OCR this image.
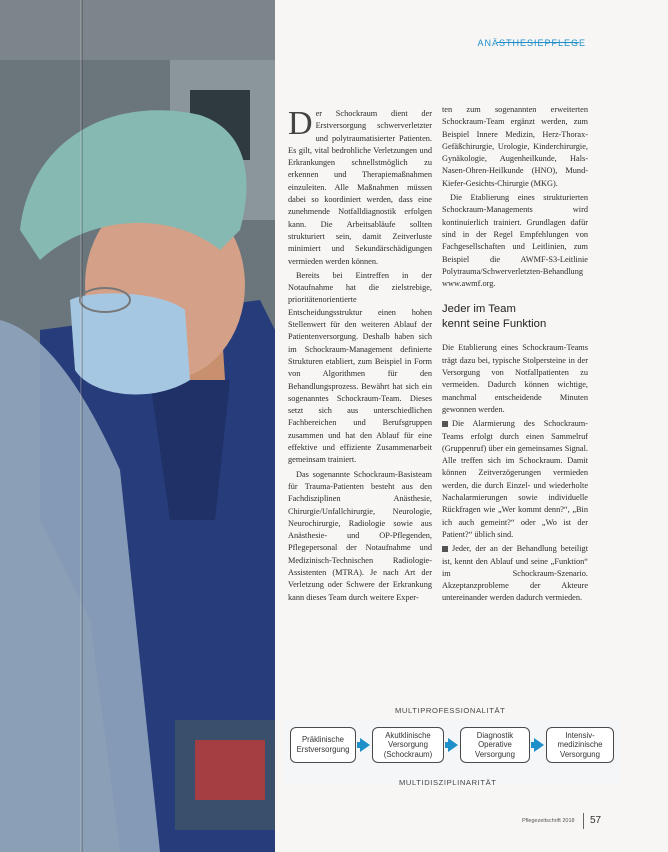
ANÄSTHESIEPFLEGE

D er Schockraum dient der Erstversorgung schwerverletzter und polytraumatisierter Patienten. Es gilt, vital bedrohliche Verletzungen und Erkrankungen schnellstmöglich zu erkennen und Therapiemaßnahmen einzuleiten. Alle Maßnahmen müssen dabei so koordiniert werden, dass eine zunehmende Notfalldiagnostik erfolgen kann. Die Arbeitsabläufe sollten strukturiert sein, damit Zeitverluste minimiert und Sekundärschädigungen vermieden werden können.

Bereits bei Eintreffen in der Notaufnahme hat die zielstrebige, prioritätenorientierte Entscheidungsstruktur einen hohen Stellenwert für den weiteren Ablauf der Patientenversorgung. Deshalb haben sich im Schockraum-Management definierte Strukturen etabliert, zum Beispiel in Form von Algorithmen für den Behandlungsprozess. Bewährt hat sich ein sogenanntes Schockraum-Team. Dieses setzt sich aus unterschiedlichen Fachbereichen und Berufsgruppen zusammen und hat den Ablauf für eine effektive und effiziente Zusammenarbeit gemeinsam trainiert.

Das sogenannte Schockraum-Basisteam für Trauma-Patienten besteht aus den Fachdisziplinen Anästhesie, Chirurgie/Unfallchirurgie, Neurologie, Neurochirurgie, Radiologie sowie aus Anästhesie- und OP-Pflegenden, Pflegepersonal der Notaufnahme und Medizinisch-Technischen Radiologie-Assistenten (MTRA). Je nach Art der Verletzung oder Schwere der Erkrankung kann dieses Team durch weitere Exper-

ten zum sogenannten erweiterten Schockraum-Team ergänzt werden, zum Beispiel Innere Medizin, Herz-Thorax-Gefäßchirurgie, Urologie, Kinderchirurgie, Gynäkologie, Augenheilkunde, Hals-Nasen-Ohren-Heilkunde (HNO), Mund-Kiefer-Gesichts-Chirurgie (MKG).

Die Etablierung eines strukturierten Schockraum-Managements wird kontinuierlich trainiert. Grundlagen dafür sind in der Regel Empfehlungen von Fachgesellschaften und Leitlinien, zum Beispiel die AWMF-S3-Leitlinie Polytrauma/Schwerverletzten-Behandlung www.awmf.org.

Jeder im Team
kennt seine Funktion

Die Etablierung eines Schockraum-Teams trägt dazu bei, typische Stolpersteine in der Versorgung von Notfallpatienten zu vermeiden. Dadurch können wichtige, manchmal entscheidende Minuten gewonnen werden.

Die Alarmierung des Schockraum-Teams erfolgt durch einen Sammelruf (Gruppenruf) über ein gemeinsames Signal. Alle treffen sich im Schockraum. Damit können Zeitverzögerungen vermieden werden, die durch Einzel- und wiederholte Nachalarmierungen sowie individuelle Rückfragen wie „Wer kommt denn?“, „Bin ich auch gemeint?“ oder „Wo ist der Patient?“ üblich sind.

Jeder, der an der Behandlung beteiligt ist, kennt den Ablauf und seine „Funktion“ im Schockraum-Szenario. Akzeptanzprobleme der Akteure untereinander werden dadurch vermieden.

MULTIPROFESSIONALITÄT
Präklinische
Erstversorgung
Akutklinische
Versorgung
(Schockraum)
Diagnostik
Operative
Versorgung
Intensiv-
medizinische
Versorgung
MULTIDISZIPLINARITÄT
Pflegezeitschrift 2018 57
